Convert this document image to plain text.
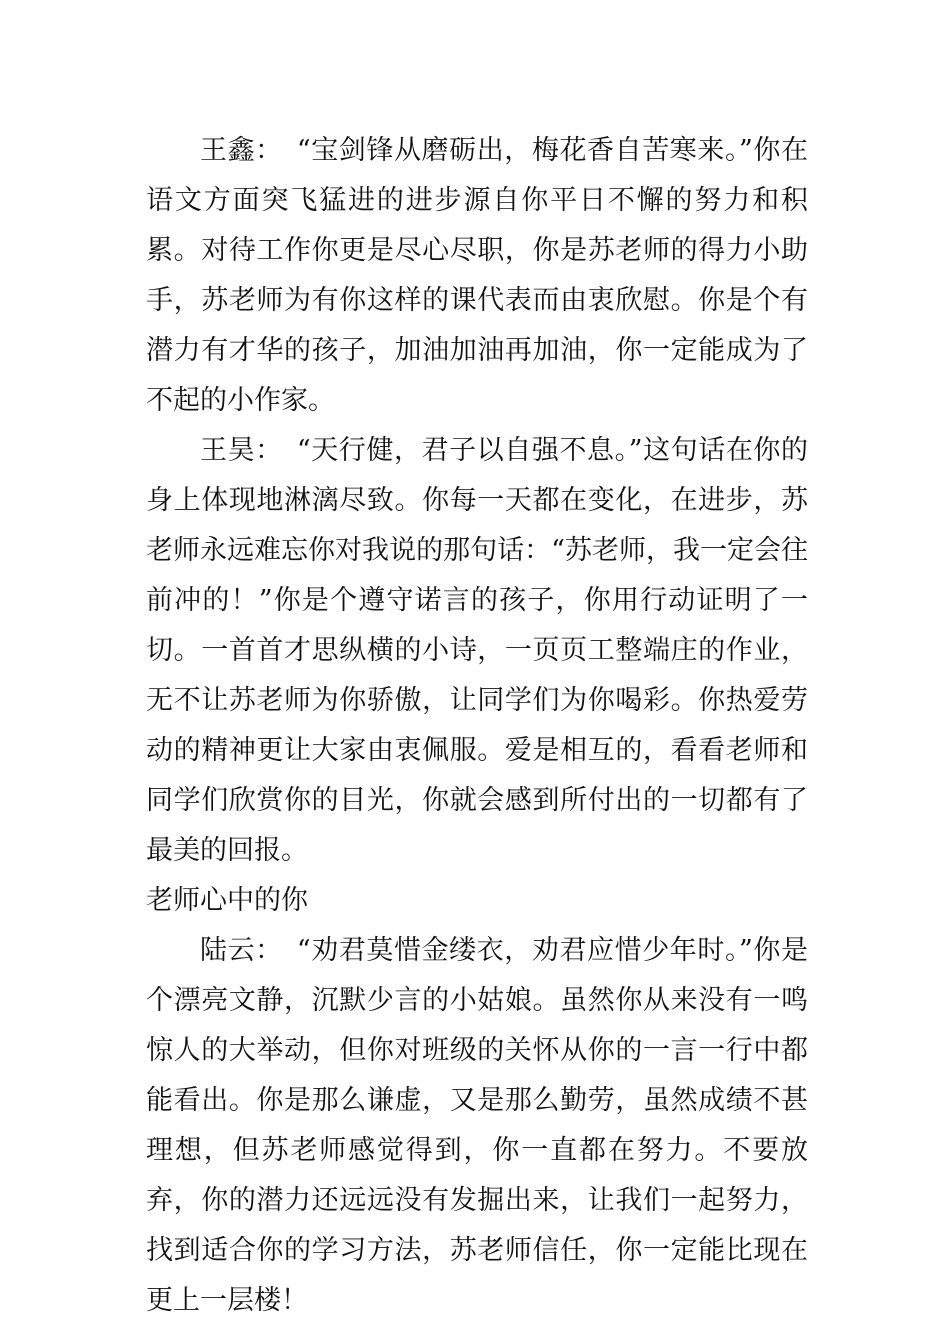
王鑫：　“宝剑锋从磨砺出，梅花香自苦寒来。”你在语文方面突飞猛进的进步源自你平日不懈的努力和积累。对待工作你更是尽心尽职，你是苏老师的得力小助手，苏老师为有你这样的课代表而由衷欣慰。你是个有潜力有才华的孩子，加油加油再加油，你一定能成为了不起的小作家。

王昊：　“天行健，君子以自强不息。”这句话在你的身上体现地淋漓尽致。你每一天都在变化，在进步，苏老师永远难忘你对我说的那句话：“苏老师，我一定会往前冲的！”你是个遵守诺言的孩子，你用行动证明了一切。一首首才思纵横的小诗，一页页工整端庄的作业，无不让苏老师为你骄傲，让同学们为你喝彩。你热爱劳动的精神更让大家由衷佩服。爱是相互的，看看老师和同学们欣赏你的目光，你就会感到所付出的一切都有了最美的回报。

老师心中的你

陆云：　“劝君莫惜金缕衣，劝君应惜少年时。”你是个漂亮文静，沉默少言的小姑娘。虽然你从来没有一鸣惊人的大举动，但你对班级的关怀从你的一言一行中都能看出。你是那么谦虚，又是那么勤劳，虽然成绩不甚理想，但苏老师感觉得到，你一直都在努力。不要放弃，你的潜力还远远没有发掘出来，让我们一起努力，找到适合你的学习方法，苏老师信任，你一定能比现在更上一层楼！
